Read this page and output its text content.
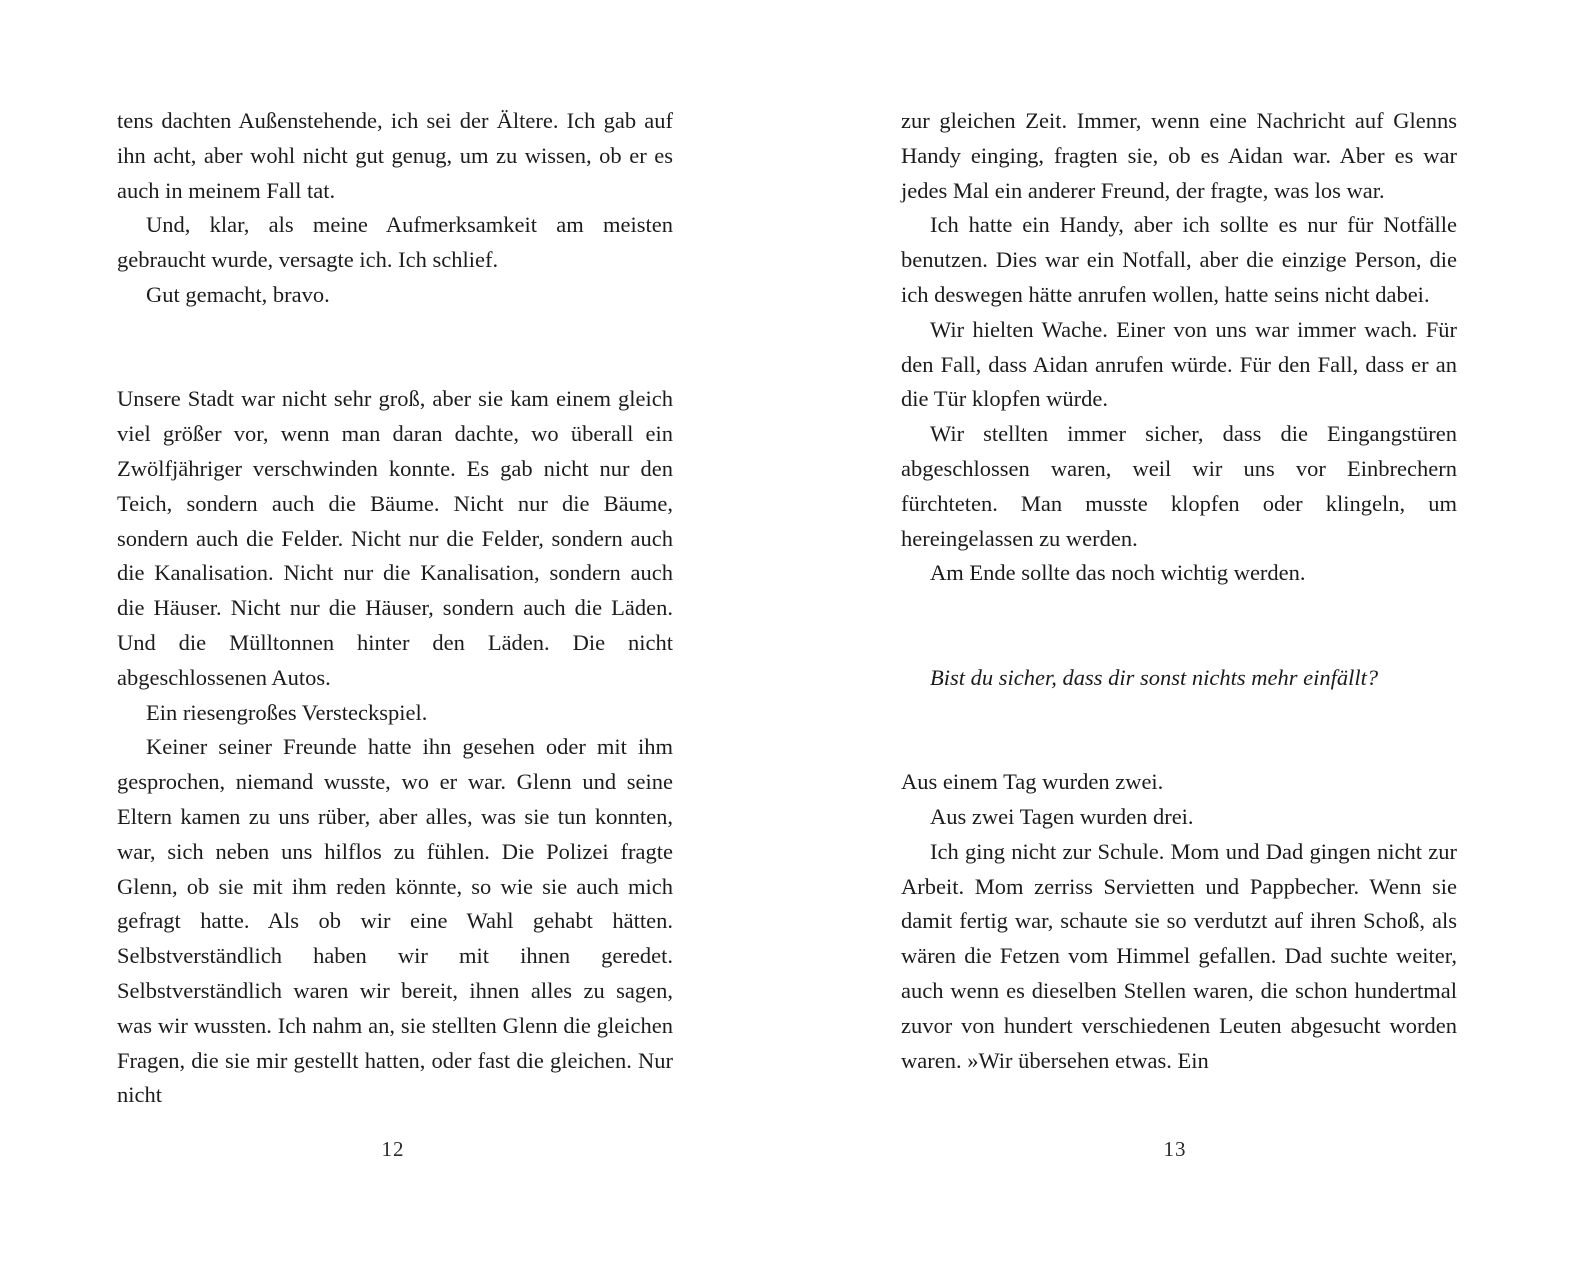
tens dachten Außenstehende, ich sei der Ältere. Ich gab auf ihn acht, aber wohl nicht gut genug, um zu wissen, ob er es auch in meinem Fall tat.

Und, klar, als meine Aufmerksamkeit am meisten gebraucht wurde, versagte ich. Ich schlief.

Gut gemacht, bravo.

Unsere Stadt war nicht sehr groß, aber sie kam einem gleich viel größer vor, wenn man daran dachte, wo überall ein Zwölfjähriger verschwinden konnte. Es gab nicht nur den Teich, sondern auch die Bäume. Nicht nur die Bäume, sondern auch die Felder. Nicht nur die Felder, sondern auch die Kanalisation. Nicht nur die Kanalisation, sondern auch die Häuser. Nicht nur die Häuser, sondern auch die Läden. Und die Mülltonnen hinter den Läden. Die nicht abgeschlossenen Autos.

Ein riesengroßes Versteckspiel.

Keiner seiner Freunde hatte ihn gesehen oder mit ihm gesprochen, niemand wusste, wo er war. Glenn und seine Eltern kamen zu uns rüber, aber alles, was sie tun konnten, war, sich neben uns hilflos zu fühlen. Die Polizei fragte Glenn, ob sie mit ihm reden könnte, so wie sie auch mich gefragt hatte. Als ob wir eine Wahl gehabt hätten. Selbstverständlich haben wir mit ihnen geredet. Selbstverständlich waren wir bereit, ihnen alles zu sagen, was wir wussten. Ich nahm an, sie stellten Glenn die gleichen Fragen, die sie mir gestellt hatten, oder fast die gleichen. Nur nicht

12

zur gleichen Zeit. Immer, wenn eine Nachricht auf Glenns Handy einging, fragten sie, ob es Aidan war. Aber es war jedes Mal ein anderer Freund, der fragte, was los war.

Ich hatte ein Handy, aber ich sollte es nur für Notfälle benutzen. Dies war ein Notfall, aber die einzige Person, die ich deswegen hätte anrufen wollen, hatte seins nicht dabei.

Wir hielten Wache. Einer von uns war immer wach. Für den Fall, dass Aidan anrufen würde. Für den Fall, dass er an die Tür klopfen würde.

Wir stellten immer sicher, dass die Eingangstüren abgeschlossen waren, weil wir uns vor Einbrechern fürchteten. Man musste klopfen oder klingeln, um hereingelassen zu werden.

Am Ende sollte das noch wichtig werden.

Bist du sicher, dass dir sonst nichts mehr einfällt?

Aus einem Tag wurden zwei.

Aus zwei Tagen wurden drei.

Ich ging nicht zur Schule. Mom und Dad gingen nicht zur Arbeit. Mom zerriss Servietten und Pappbecher. Wenn sie damit fertig war, schaute sie so verdutzt auf ihren Schoß, als wären die Fetzen vom Himmel gefallen. Dad suchte weiter, auch wenn es dieselben Stellen waren, die schon hundertmal zuvor von hundert verschiedenen Leuten abgesucht worden waren. »Wir übersehen etwas. Ein

13
